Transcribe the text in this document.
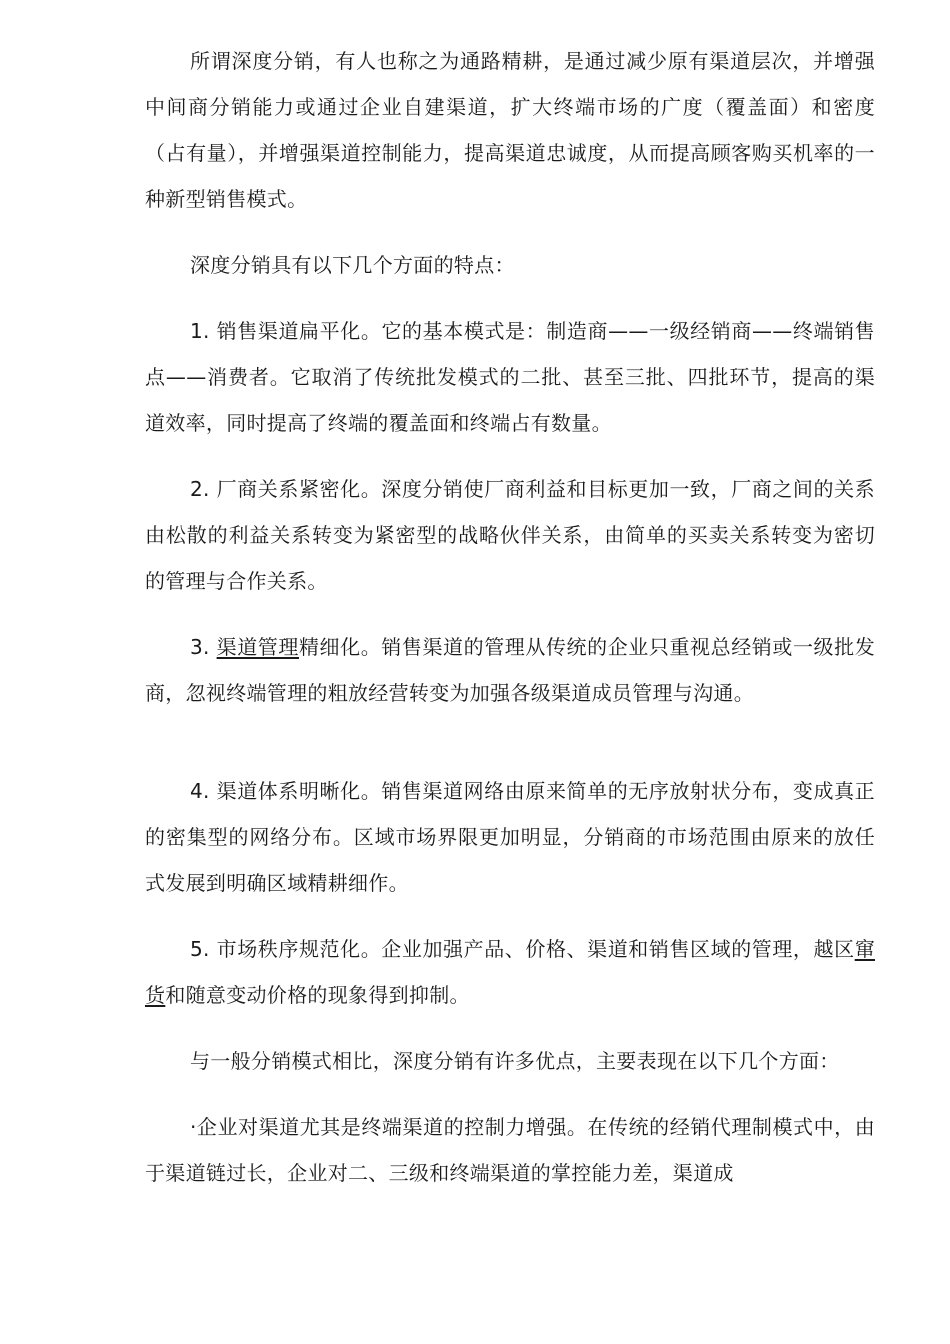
所谓深度分销，有人也称之为通路精耕，是通过减少原有渠道层次，并增强中间商分销能力或通过企业自建渠道，扩大终端市场的广度（覆盖面）和密度（占有量），并增强渠道控制能力，提高渠道忠诚度，从而提高顾客购买机率的一种新型销售模式。

深度分销具有以下几个方面的特点：

1. 销售渠道扁平化。它的基本模式是：制造商——一级经销商——终端销售点——消费者。它取消了传统批发模式的二批、甚至三批、四批环节，提高的渠道效率，同时提高了终端的覆盖面和终端占有数量。

2. 厂商关系紧密化。深度分销使厂商利益和目标更加一致，厂商之间的关系由松散的利益关系转变为紧密型的战略伙伴关系，由简单的买卖关系转变为密切的管理与合作关系。

3. 渠道管理精细化。销售渠道的管理从传统的企业只重视总经销或一级批发商，忽视终端管理的粗放经营转变为加强各级渠道成员管理与沟通。

4. 渠道体系明晰化。销售渠道网络由原来简单的无序放射状分布，变成真正的密集型的网络分布。区域市场界限更加明显，分销商的市场范围由原来的放任式发展到明确区域精耕细作。

5. 市场秩序规范化。企业加强产品、价格、渠道和销售区域的管理，越区窜货和随意变动价格的现象得到抑制。

与一般分销模式相比，深度分销有许多优点，主要表现在以下几个方面：

·企业对渠道尤其是终端渠道的控制力增强。在传统的经销代理制模式中，由于渠道链过长，企业对二、三级和终端渠道的掌控能力差，渠道成
